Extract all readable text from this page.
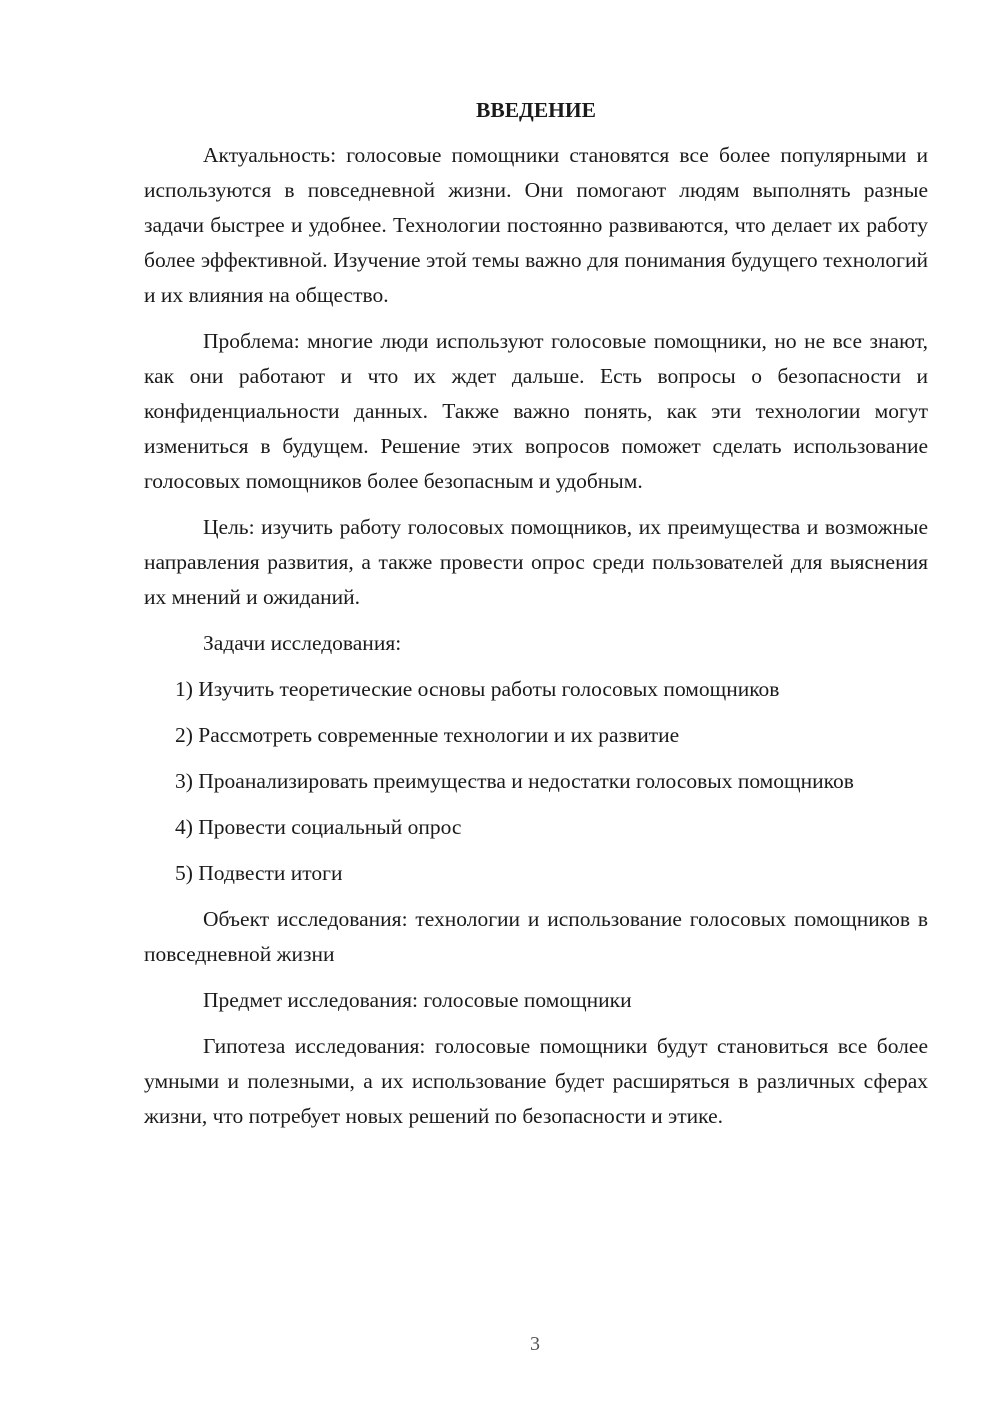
ВВЕДЕНИЕ

Актуальность: голосовые помощники становятся все более популярными и используются в повседневной жизни. Они помогают людям выполнять разные задачи быстрее и удобнее. Технологии постоянно развиваются, что делает их работу более эффективной. Изучение этой темы важно для понимания будущего технологий и их влияния на общество.

Проблема: многие люди используют голосовые помощники, но не все знают, как они работают и что их ждет дальше. Есть вопросы о безопасности и конфиденциальности данных. Также важно понять, как эти технологии могут измениться в будущем. Решение этих вопросов поможет сделать использование голосовых помощников более безопасным и удобным.

Цель: изучить работу голосовых помощников, их преимущества и возможные направления развития, а также провести опрос среди пользователей для выяснения их мнений и ожиданий.

Задачи исследования:

1) Изучить теоретические основы работы голосовых помощников

2) Рассмотреть современные технологии и их развитие

3) Проанализировать преимущества и недостатки голосовых помощников

4) Провести социальный опрос

5) Подвести итоги

Объект исследования: технологии и использование голосовых помощников в повседневной жизни

Предмет исследования: голосовые помощники

Гипотеза исследования: голосовые помощники будут становиться все более умными и полезными, а их использование будет расширяться в различных сферах жизни, что потребует новых решений по безопасности и этике.

3
